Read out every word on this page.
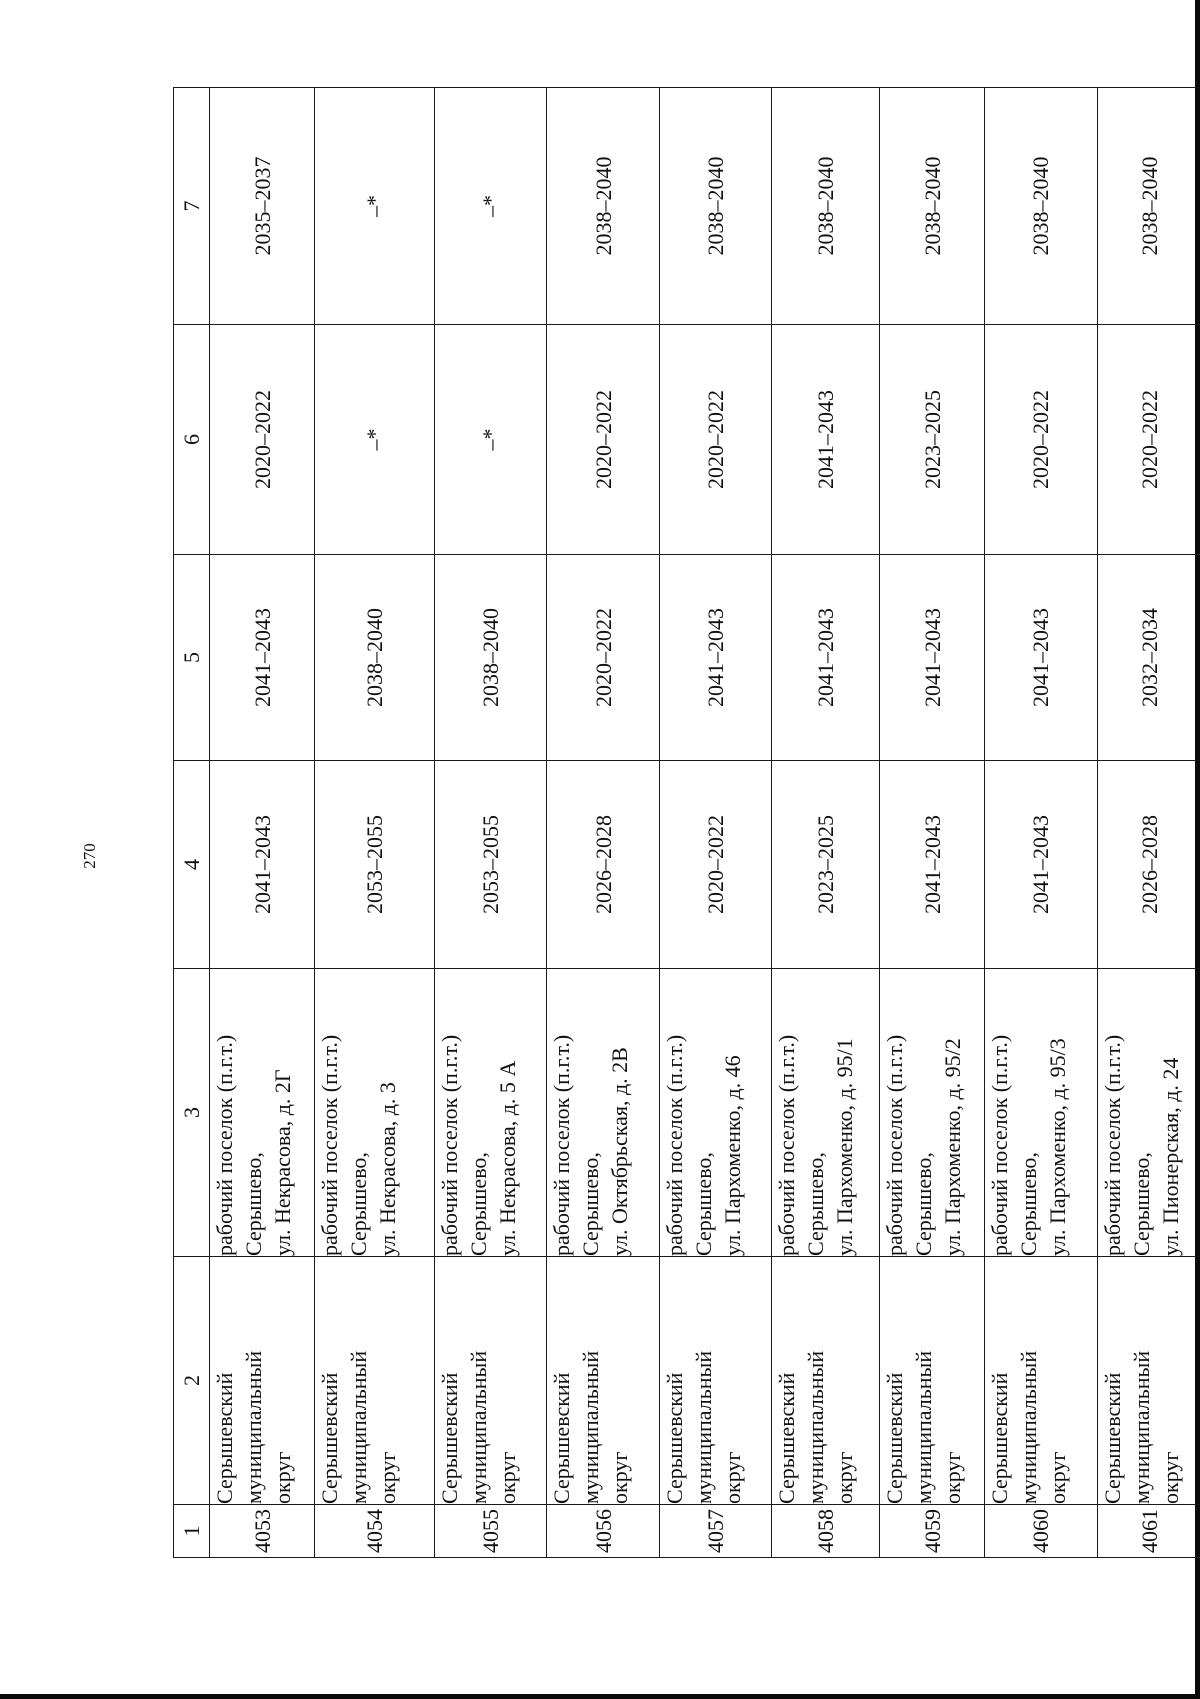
270
1	2	3	4	5	6	7
4053	Серышевский муниципальный округ	рабочий поселок (п.г.т.) Серышево, ул. Некрасова, д. 2Г	2041–2043	2041–2043	2020–2022	2035–2037
4054	Серышевский муниципальный округ	рабочий поселок (п.г.т.) Серышево, ул. Некрасова, д. 3	2053–2055	2038–2040	–*	–*
4055	Серышевский муниципальный округ	рабочий поселок (п.г.т.) Серышево, ул. Некрасова, д. 5 А	2053–2055	2038–2040	–*	–*
4056	Серышевский муниципальный округ	рабочий поселок (п.г.т.) Серышево, ул. Октябрьская, д. 2В	2026–2028	2020–2022	2020–2022	2038–2040
4057	Серышевский муниципальный округ	рабочий поселок (п.г.т.) Серышево, ул. Пархоменко, д. 46	2020–2022	2041–2043	2020–2022	2038–2040
4058	Серышевский муниципальный округ	рабочий поселок (п.г.т.) Серышево, ул. Пархоменко, д. 95/1	2023–2025	2041–2043	2041–2043	2038–2040
4059	Серышевский муниципальный округ	рабочий поселок (п.г.т.) Серышево, ул. Пархоменко, д. 95/2	2041–2043	2041–2043	2023–2025	2038–2040
4060	Серышевский муниципальный округ	рабочий поселок (п.г.т.) Серышево, ул. Пархоменко, д. 95/3	2041–2043	2041–2043	2020–2022	2038–2040
4061	Серышевский муниципальный округ	рабочий поселок (п.г.т.) Серышево, ул. Пионерская, д. 24	2026–2028	2032–2034	2020–2022	2038–2040
